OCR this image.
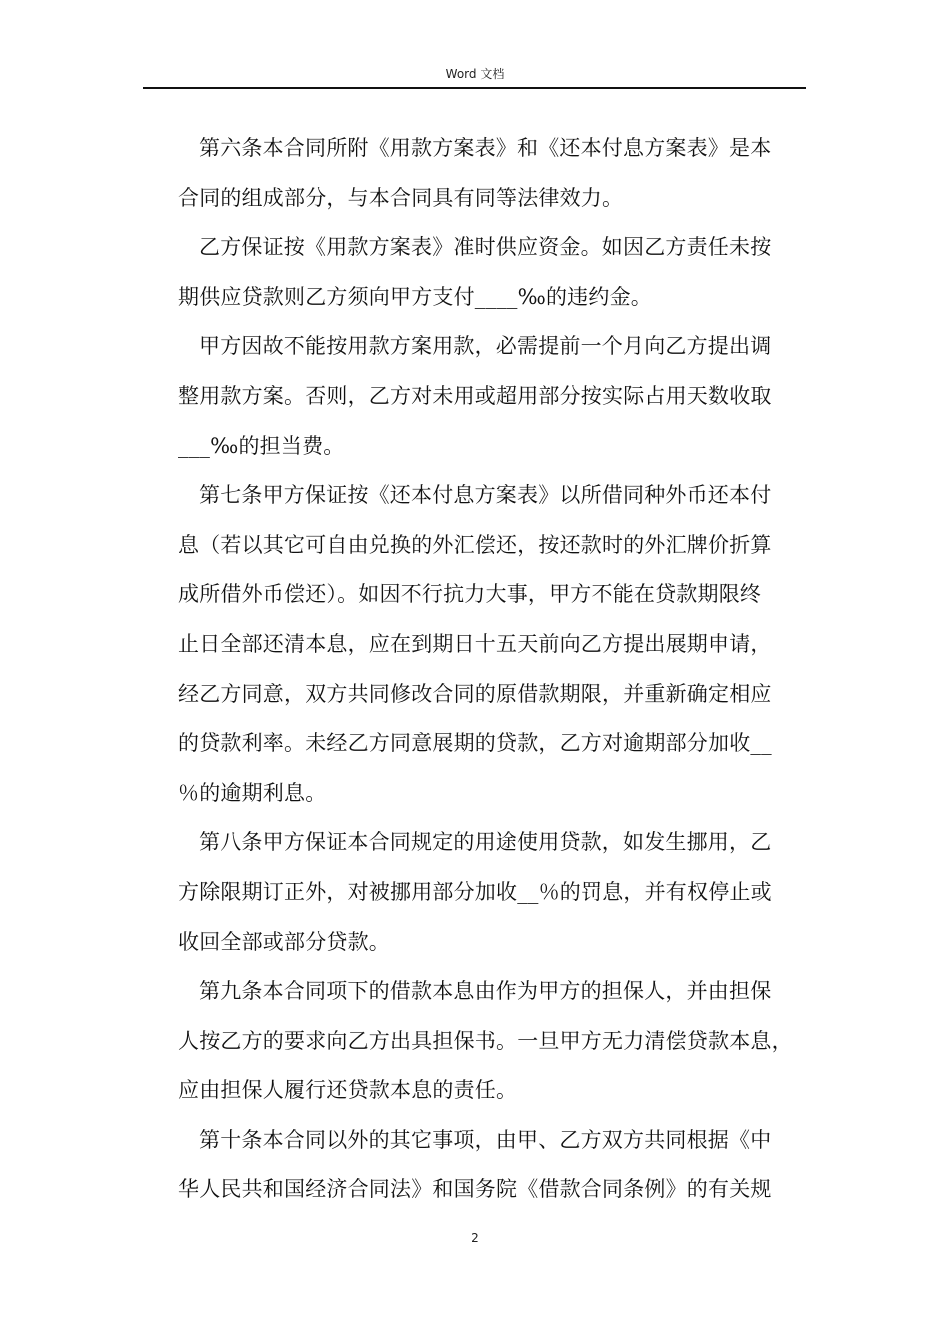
Word 文档
第六条本合同所附《用款方案表》和《还本付息方案表》是本
合同的组成部分，与本合同具有同等法律效力。
乙方保证按《用款方案表》准时供应资金。如因乙方责任未按
期供应贷款则乙方须向甲方支付____‰的违约金。
甲方因故不能按用款方案用款，必需提前一个月向乙方提出调
整用款方案。否则，乙方对未用或超用部分按实际占用天数收取
___‰的担当费。
第七条甲方保证按《还本付息方案表》以所借同种外币还本付
息（若以其它可自由兑换的外汇偿还，按还款时的外汇牌价折算
成所借外币偿还）。如因不行抗力大事，甲方不能在贷款期限终
止日全部还清本息，应在到期日十五天前向乙方提出展期申请，
经乙方同意，双方共同修改合同的原借款期限，并重新确定相应
的贷款利率。未经乙方同意展期的贷款，乙方对逾期部分加收__
％的逾期利息。
第八条甲方保证本合同规定的用途使用贷款，如发生挪用，乙
方除限期订正外，对被挪用部分加收__％的罚息，并有权停止或
收回全部或部分贷款。
第九条本合同项下的借款本息由作为甲方的担保人，并由担保
人按乙方的要求向乙方出具担保书。一旦甲方无力清偿贷款本息，
应由担保人履行还贷款本息的责任。
第十条本合同以外的其它事项，由甲、乙方双方共同根据《中
华人民共和国经济合同法》和国务院《借款合同条例》的有关规
2
